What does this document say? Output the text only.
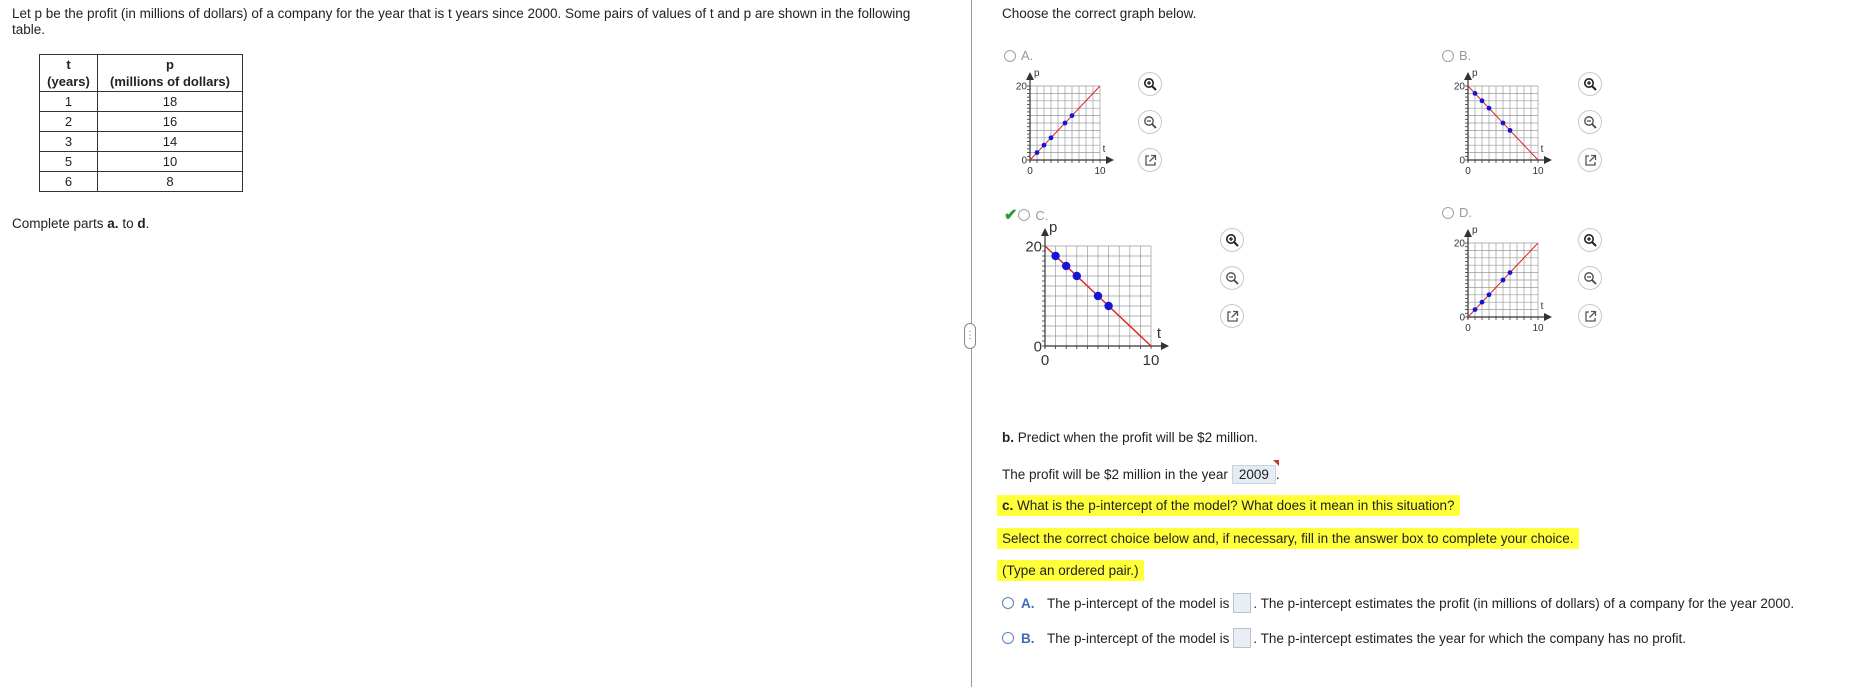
Let p be the profit (in millions of dollars) of a company for the year that is t years since 2000. Some pairs of values of t and p are shown in the following table.
t
(years)	p
(millions of dollars)
1	18
2	16
3	14
5	10
6	8
Complete parts a. to d.
⋮
Choose the correct graph below.
A.	B.
✔ C.	D.
p
t
20
0
0	10
p
t
20
0
0	10
p
t
20
0
0	10
p
t
20
0
0	10
b. Predict when the profit will be $2 million.
The profit will be $2 million in the year 2009 .
c. What is the p-intercept of the model? What does it mean in this situation?
Select the correct choice below and, if necessary, fill in the answer box to complete your choice.
(Type an ordered pair.)
A. The p-intercept of the model is . The p-intercept estimates the profit (in millions of dollars) of a company for the year 2000.
B. The p-intercept of the model is . The p-intercept estimates the year for which the company has no profit.
